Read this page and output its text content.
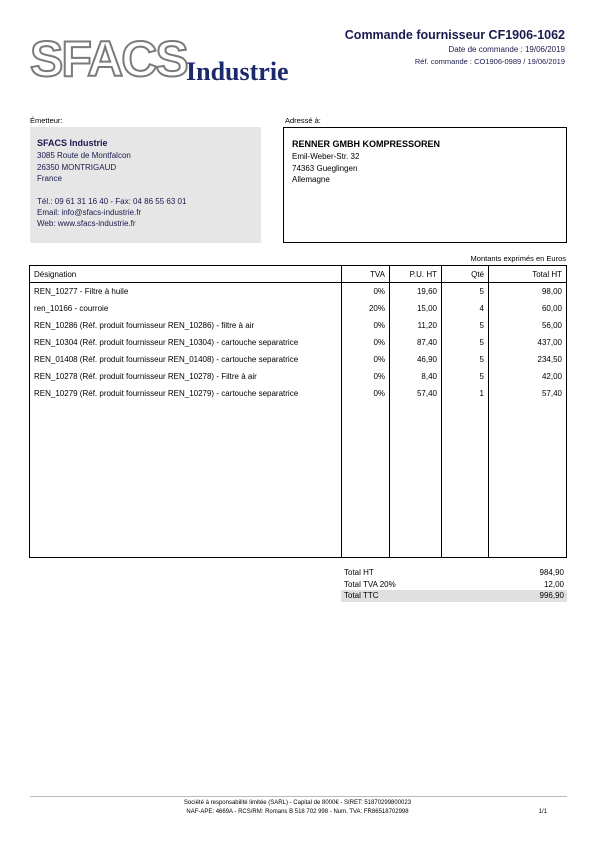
SFACS Industrie
Commande fournisseur CF1906-1062
Date de commande : 19/06/2019
Réf. commande : CO1906-0989 / 19/06/2019
Émetteur:	Adressé à:
SFACS Industrie
3085 Route de Montfalcon
26350 MONTRIGAUD
France
Tél.: 09 61 31 16 40 - Fax: 04 86 55 63 01
Email: info@sfacs-industrie.fr
Web: www.sfacs-industrie.fr
RENNER GMBH KOMPRESSOREN
Emil-Weber-Str. 32
74363 Gueglingen
Allemagne
Montants exprimés en Euros
Désignation	TVA	P.U. HT	Qté	Total HT
REN_10277 - Filtre à huile	0%	19,60	5	98,00
ren_10166 - courroie	20%	15,00	4	60,00
REN_10286 (Réf. produit fournisseur REN_10286) - filtre à air	0%	11,20	5	56,00
REN_10304 (Réf. produit fournisseur REN_10304) - cartouche separatrice	0%	87,40	5	437,00
REN_01408 (Réf. produit fournisseur REN_01408) - cartouche separatrice	0%	46,90	5	234,50
REN_10278 (Réf. produit fournisseur REN_10278) - Filtre à air	0%	8,40	5	42,00
REN_10279 (Réf. produit fournisseur REN_10279) - cartouche separatrice	0%	57,40	1	57,40

Total HT	984,90
Total TVA 20%	12,00
Total TTC	996,90
Société à responsabilité limitée (SARL) - Capital de 8000€ - SIRET: 51870299800023
NAF-APE: 4669A - RCS/RM: Romans B 518 702 998 - Num. TVA: FR86518702998	1/1
